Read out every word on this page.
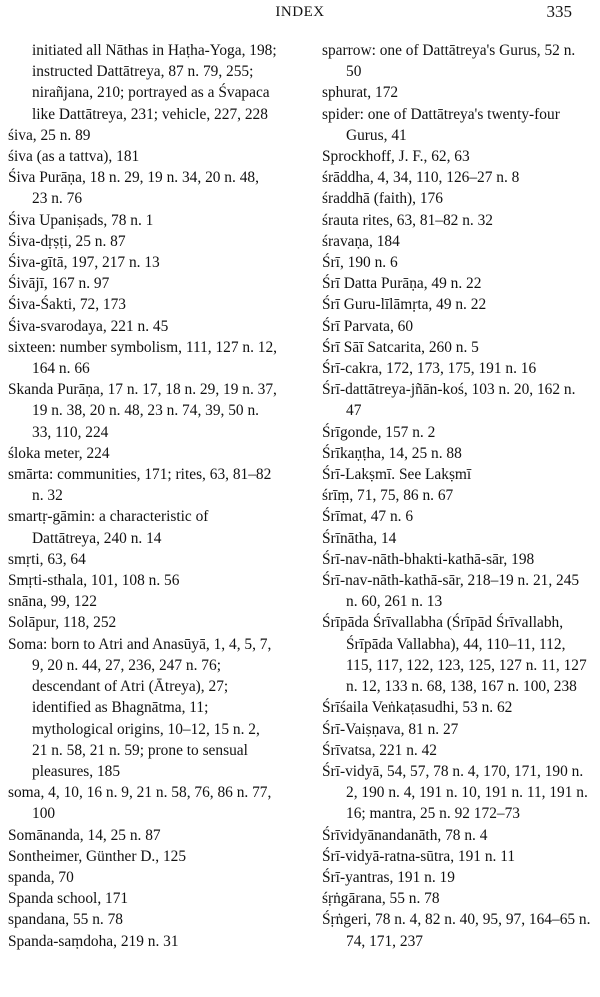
INDEX	335

initiated all Nāthas in Haṭha-Yoga, 198; instructed Dattātreya, 87 n. 79, 255; nirañjana, 210; portrayed as a Śvapaca like Dattātreya, 231; vehicle, 227, 228

śiva, 25 n. 89

śiva (as a tattva), 181

Śiva Purāṇa, 18 n. 29, 19 n. 34, 20 n. 48, 23 n. 76

Śiva Upaniṣads, 78 n. 1

Śiva-dṛṣṭi, 25 n. 87

Śiva-gītā, 197, 217 n. 13

Śivājī, 167 n. 97

Śiva-Śakti, 72, 173

Śiva-svarodaya, 221 n. 45

sixteen: number symbolism, 111, 127 n. 12, 164 n. 66

Skanda Purāṇa, 17 n. 17, 18 n. 29, 19 n. 37, 19 n. 38, 20 n. 48, 23 n. 74, 39, 50 n. 33, 110, 224

śloka meter, 224

smārta: communities, 171; rites, 63, 81–82 n. 32

smartṛ-gāmin: a characteristic of Dattātreya, 240 n. 14

smṛti, 63, 64

Smṛti-sthala, 101, 108 n. 56

snāna, 99, 122

Solāpur, 118, 252

Soma: born to Atri and Anasūyā, 1, 4, 5, 7, 9, 20 n. 44, 27, 236, 247 n. 76; descendant of Atri (Ātreya), 27; identified as Bhagnātma, 11; mythological origins, 10–12, 15 n. 2, 21 n. 58, 21 n. 59; prone to sensual pleasures, 185

soma, 4, 10, 16 n. 9, 21 n. 58, 76, 86 n. 77, 100

Somānanda, 14, 25 n. 87

Sontheimer, Günther D., 125

spanda, 70

Spanda school, 171

spandana, 55 n. 78

Spanda-saṃdoha, 219 n. 31

sparrow: one of Dattātreya's Gurus, 52 n. 50

sphurat, 172

spider: one of Dattātreya's twenty-four Gurus, 41

Sprockhoff, J. F., 62, 63

śrāddha, 4, 34, 110, 126–27 n. 8

śraddhā (faith), 176

śrauta rites, 63, 81–82 n. 32

śravaṇa, 184

Śrī, 190 n. 6

Śrī Datta Purāṇa, 49 n. 22

Śrī Guru-līlāmṛta, 49 n. 22

Śrī Parvata, 60

Śrī Sāī Satcarita, 260 n. 5

Śrī-cakra, 172, 173, 175, 191 n. 16

Śrī-dattātreya-jñān-koś, 103 n. 20, 162 n. 47

Śrīgonde, 157 n. 2

Śrīkaṇṭha, 14, 25 n. 88

Śrī-Lakṣmī. See Lakṣmī

śrīṃ, 71, 75, 86 n. 67

Śrīmat, 47 n. 6

Śrīnātha, 14

Śrī-nav-nāth-bhakti-kathā-sār, 198

Śrī-nav-nāth-kathā-sār, 218–19 n. 21, 245 n. 60, 261 n. 13

Śrīpāda Śrīvallabha (Śrīpād Śrīvallabh, Śrīpāda Vallabha), 44, 110–11, 112, 115, 117, 122, 123, 125, 127 n. 11, 127 n. 12, 133 n. 68, 138, 167 n. 100, 238

Śrīśaila Veṅkaṭasudhi, 53 n. 62

Śrī-Vaiṣṇava, 81 n. 27

Śrīvatsa, 221 n. 42

Śrī-vidyā, 54, 57, 78 n. 4, 170, 171, 190 n. 2, 190 n. 4, 191 n. 10, 191 n. 11, 191 n. 16; mantra, 25 n. 92 172–73

Śrīvidyānandanāth, 78 n. 4

Śrī-vidyā-ratna-sūtra, 191 n. 11

Śrī-yantras, 191 n. 19

śṛṅgārana, 55 n. 78

Śṛṅgeri, 78 n. 4, 82 n. 40, 95, 97, 164–65 n. 74, 171, 237
